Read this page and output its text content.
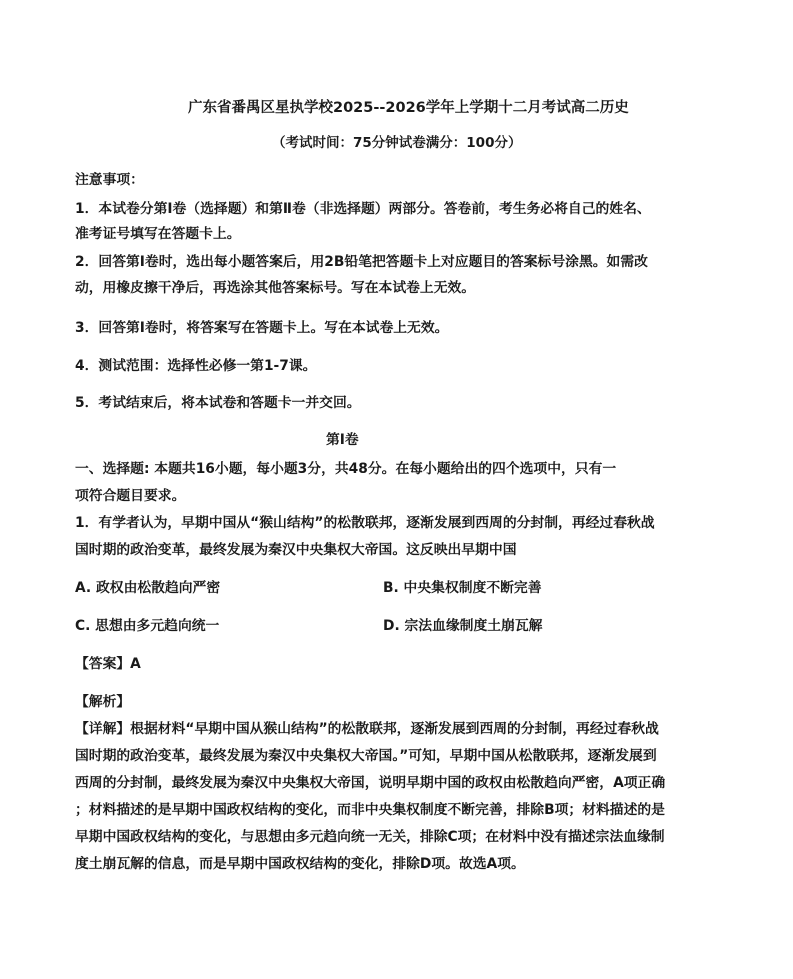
广东省番禺区星执学校2025--2026学年上学期十二月考试高二历史
（考试时间：75分钟试卷满分：100分）
注意事项：
1．本试卷分第Ⅰ卷（选择题）和第Ⅱ卷（非选择题）两部分。答卷前，考生务必将自己的姓名、
准考证号填写在答题卡上。
2．回答第Ⅰ卷时，选出每小题答案后，用2B铅笔把答题卡上对应题目的答案标号涂黑。如需改
动，用橡皮擦干净后，再选涂其他答案标号。写在本试卷上无效。
3．回答第Ⅰ卷时，将答案写在答题卡上。写在本试卷上无效。
4．测试范围：选择性必修一第1-7课。
5．考试结束后，将本试卷和答题卡一并交回。
第Ⅰ卷
一、选择题: 本题共16小题，每小题3分，共48分。在每小题给出的四个选项中，只有一
项符合题目要求。
1．有学者认为，早期中国从“猴山结构”的松散联邦，逐渐发展到西周的分封制，再经过春秋战
国时期的政治变革，最终发展为秦汉中央集权大帝国。这反映出早期中国
A. 政权由松散趋向严密	B. 中央集权制度不断完善
C. 思想由多元趋向统一	D. 宗法血缘制度土崩瓦解
【答案】A
【解析】
【详解】根据材料“早期中国从猴山结构”的松散联邦，逐渐发展到西周的分封制，再经过春秋战
国时期的政治变革，最终发展为秦汉中央集权大帝国。”可知，早期中国从松散联邦，逐渐发展到
西周的分封制，最终发展为秦汉中央集权大帝国，说明早期中国的政权由松散趋向严密，A项正确
；材料描述的是早期中国政权结构的变化，而非中央集权制度不断完善，排除B项；材料描述的是
早期中国政权结构的变化，与思想由多元趋向统一无关，排除C项；在材料中没有描述宗法血缘制
度土崩瓦解的信息，而是早期中国政权结构的变化，排除D项。故选A项。
